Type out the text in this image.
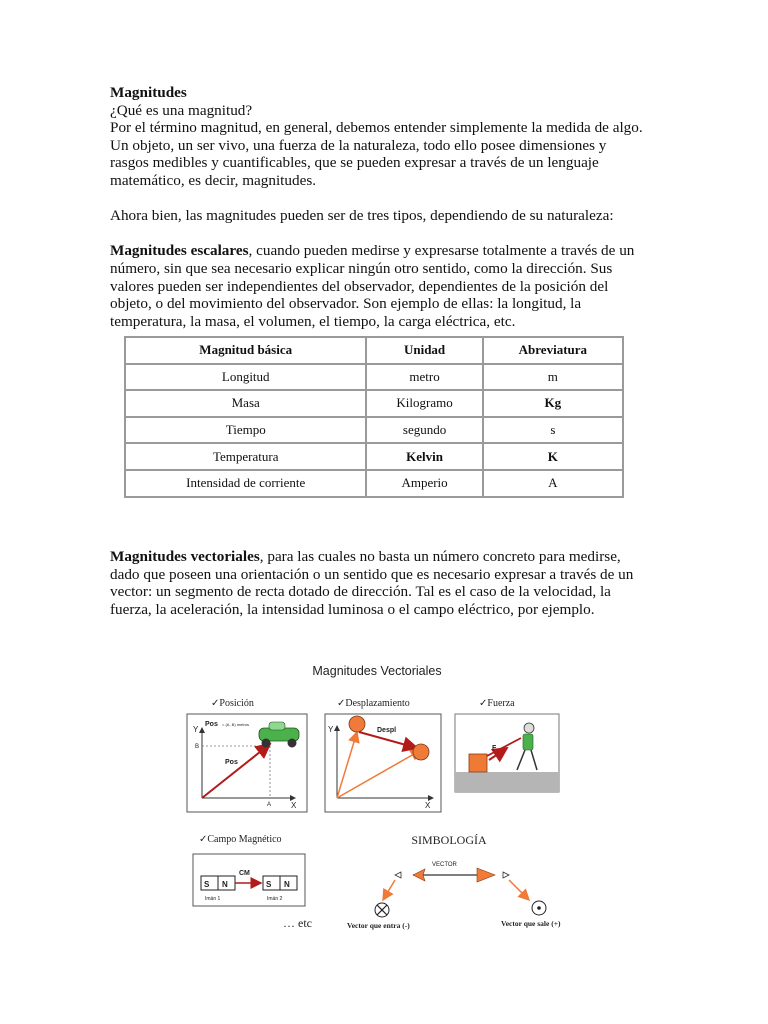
Magnitudes

¿Qué es una magnitud?

Por el término magnitud, en general, debemos entender simplemente la medida de algo.

Un objeto, un ser vivo, una fuerza de la naturaleza, todo ello posee dimensiones y

rasgos medibles y cuantificables, que se pueden expresar a través de un lenguaje

matemático, es decir, magnitudes.

Ahora bien, las magnitudes pueden ser de tres tipos, dependiendo de su naturaleza:

Magnitudes escalares, cuando pueden medirse y expresarse totalmente a través de un

número, sin que sea necesario explicar ningún otro sentido, como la dirección. Sus

valores pueden ser independientes del observador, dependientes de la posición del

objeto, o del movimiento del observador. Son ejemplo de ellas: la longitud, la

temperatura, la masa, el volumen, el tiempo, la carga eléctrica, etc.

Magnitud básica	Unidad	Abreviatura
Longitud	metro	m
Masa	Kilogramo	Kg
Tiempo	segundo	s
Temperatura	Kelvin	K
Intensidad de corriente	Amperio	A

Magnitudes vectoriales, para las cuales no basta un número concreto para medirse,

dado que poseen una orientación o un sentido que es necesario expresar a través de un

vector: un segmento de recta dotado de dirección. Tal es el caso de la velocidad, la

fuerza, la aceleración, la intensidad luminosa o el campo eléctrico, por ejemplo.

Magnitudes Vectoriales
✓Posición	✓Desplazamiento	✓Fuerza
Y
X
B
A
Pos = (A, B) metros
Pos
Y
X
Despl
F
✓Campo Magnético
S N	S N
CM
Imán 1	Imán 2
… etc
SIMBOLOGÍA
VECTOR
Vector que entra (-)	Vector que sale (+)
